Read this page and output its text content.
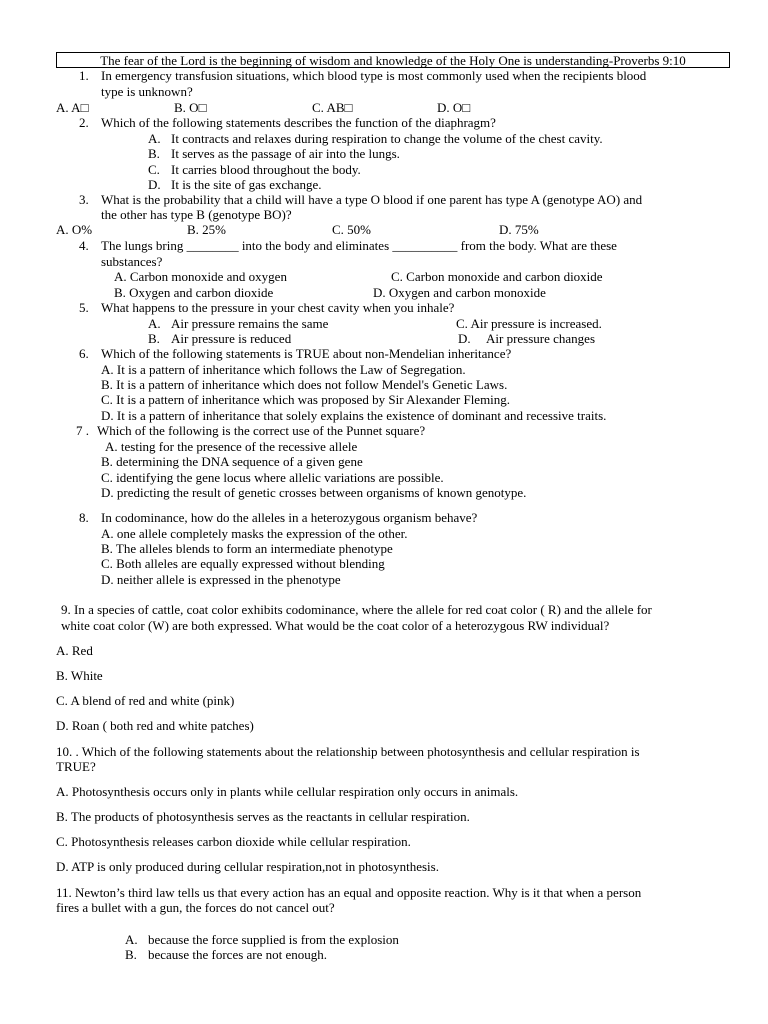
The fear of the Lord is the beginning of wisdom and knowledge of the Holy One is understanding-Proverbs 9:10
1. In emergency transfusion situations, which blood type is most commonly used when the recipients blood
type is unknown?
A. A□	B. O□	C. AB□	D. O□
2. Which of the following statements describes the function of the diaphragm?
A. It contracts and relaxes during respiration to change the volume of the chest cavity.
B. It serves as the passage of air into the lungs.
C. It carries blood throughout the body.
D. It is the site of gas exchange.
3. What is the probability that a child will have a type O blood if one parent has type A (genotype AO) and
the other has type B (genotype BO)?
A. O%	B. 25%	C. 50%	D. 75%
4. The lungs bring ________ into the body and eliminates __________ from the body. What are these
substances?
A. Carbon monoxide and oxygen	C. Carbon monoxide and carbon dioxide
B. Oxygen and carbon dioxide	D. Oxygen and carbon monoxide
5. What happens to the pressure in your chest cavity when you inhale?
A. Air pressure remains the same	C. Air pressure is increased.
B. Air pressure is reduced	D. Air pressure changes
6. Which of the following statements is TRUE about non-Mendelian inheritance?
A. It is a pattern of inheritance which follows the Law of Segregation.
B. It is a pattern of inheritance which does not follow Mendel's Genetic Laws.
C. It is a pattern of inheritance which was proposed by Sir Alexander Fleming.
D. It is a pattern of inheritance that solely explains the existence of dominant and recessive traits.
7 . Which of the following is the correct use of the Punnet square?
A. testing for the presence of the recessive allele
B. determining the DNA sequence of a given gene
C. identifying the gene locus where allelic variations are possible.
D. predicting the result of genetic crosses between organisms of known genotype.
8. In codominance, how do the alleles in a heterozygous organism behave?
A. one allele completely masks the expression of the other.
B. The alleles blends to form an intermediate phenotype
C. Both alleles are equally expressed without blending
D. neither allele is expressed in the phenotype
9. In a species of cattle, coat color exhibits codominance, where the allele for red coat color ( R) and the allele for
white coat color (W) are both expressed. What would be the coat color of a heterozygous RW individual?
A. Red
B. White
C. A blend of red and white (pink)
D. Roan ( both red and white patches)
10. . Which of the following statements about the relationship between photosynthesis and cellular respiration is
TRUE?
A. Photosynthesis occurs only in plants while cellular respiration only occurs in animals.
B. The products of photosynthesis serves as the reactants in cellular respiration.
C. Photosynthesis releases carbon dioxide while cellular respiration.
D. ATP is only produced during cellular respiration,not in photosynthesis.
11. Newton’s third law tells us that every action has an equal and opposite reaction. Why is it that when a person
fires a bullet with a gun, the forces do not cancel out?
A. because the force supplied is from the explosion
B. because the forces are not enough.
